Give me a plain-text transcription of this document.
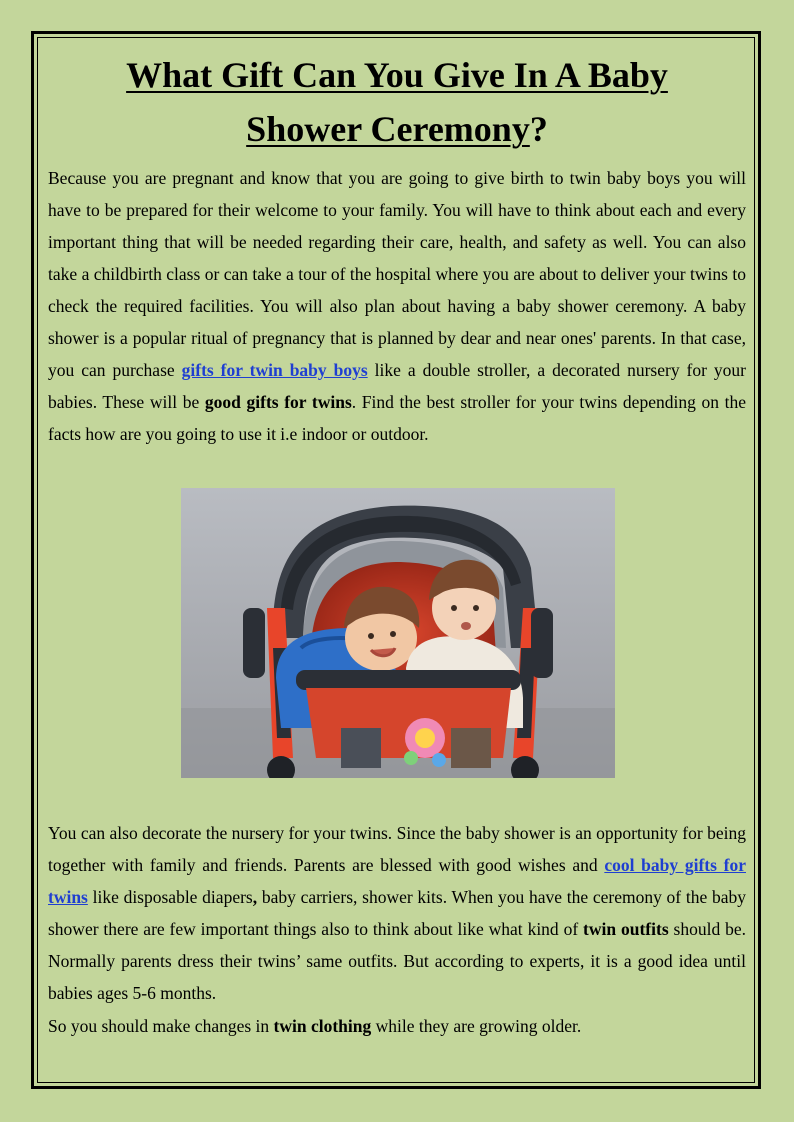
What Gift Can You Give In A Baby
Shower Ceremony?

Because you are pregnant and know that you are going to give birth to twin baby boys you will have to be prepared for their welcome to your family. You will have to think about each and every important thing that will be needed regarding their care, health, and safety as well. You can also take a childbirth class or can take a tour of the hospital where you are about to deliver your twins to check the required facilities. You will also plan about having a baby shower ceremony. A baby shower is a popular ritual of pregnancy that is planned by dear and near ones' parents. In that case, you can purchase gifts for twin baby boys like a double stroller, a decorated nursery for your babies. These will be good gifts for twins. Find the best stroller for your twins depending on the facts how are you going to use it i.e indoor or outdoor.

You can also decorate the nursery for your twins. Since the baby shower is an opportunity for being together with family and friends. Parents are blessed with good wishes and cool baby gifts for twins like disposable diapers, baby carriers, shower kits. When you have the ceremony of the baby shower there are few important things also to think about like what kind of twin outfits should be. Normally parents dress their twins’ same outfits. But according to experts, it is a good idea until babies ages 5-6 months.

So you should make changes in twin clothing while they are growing older.
